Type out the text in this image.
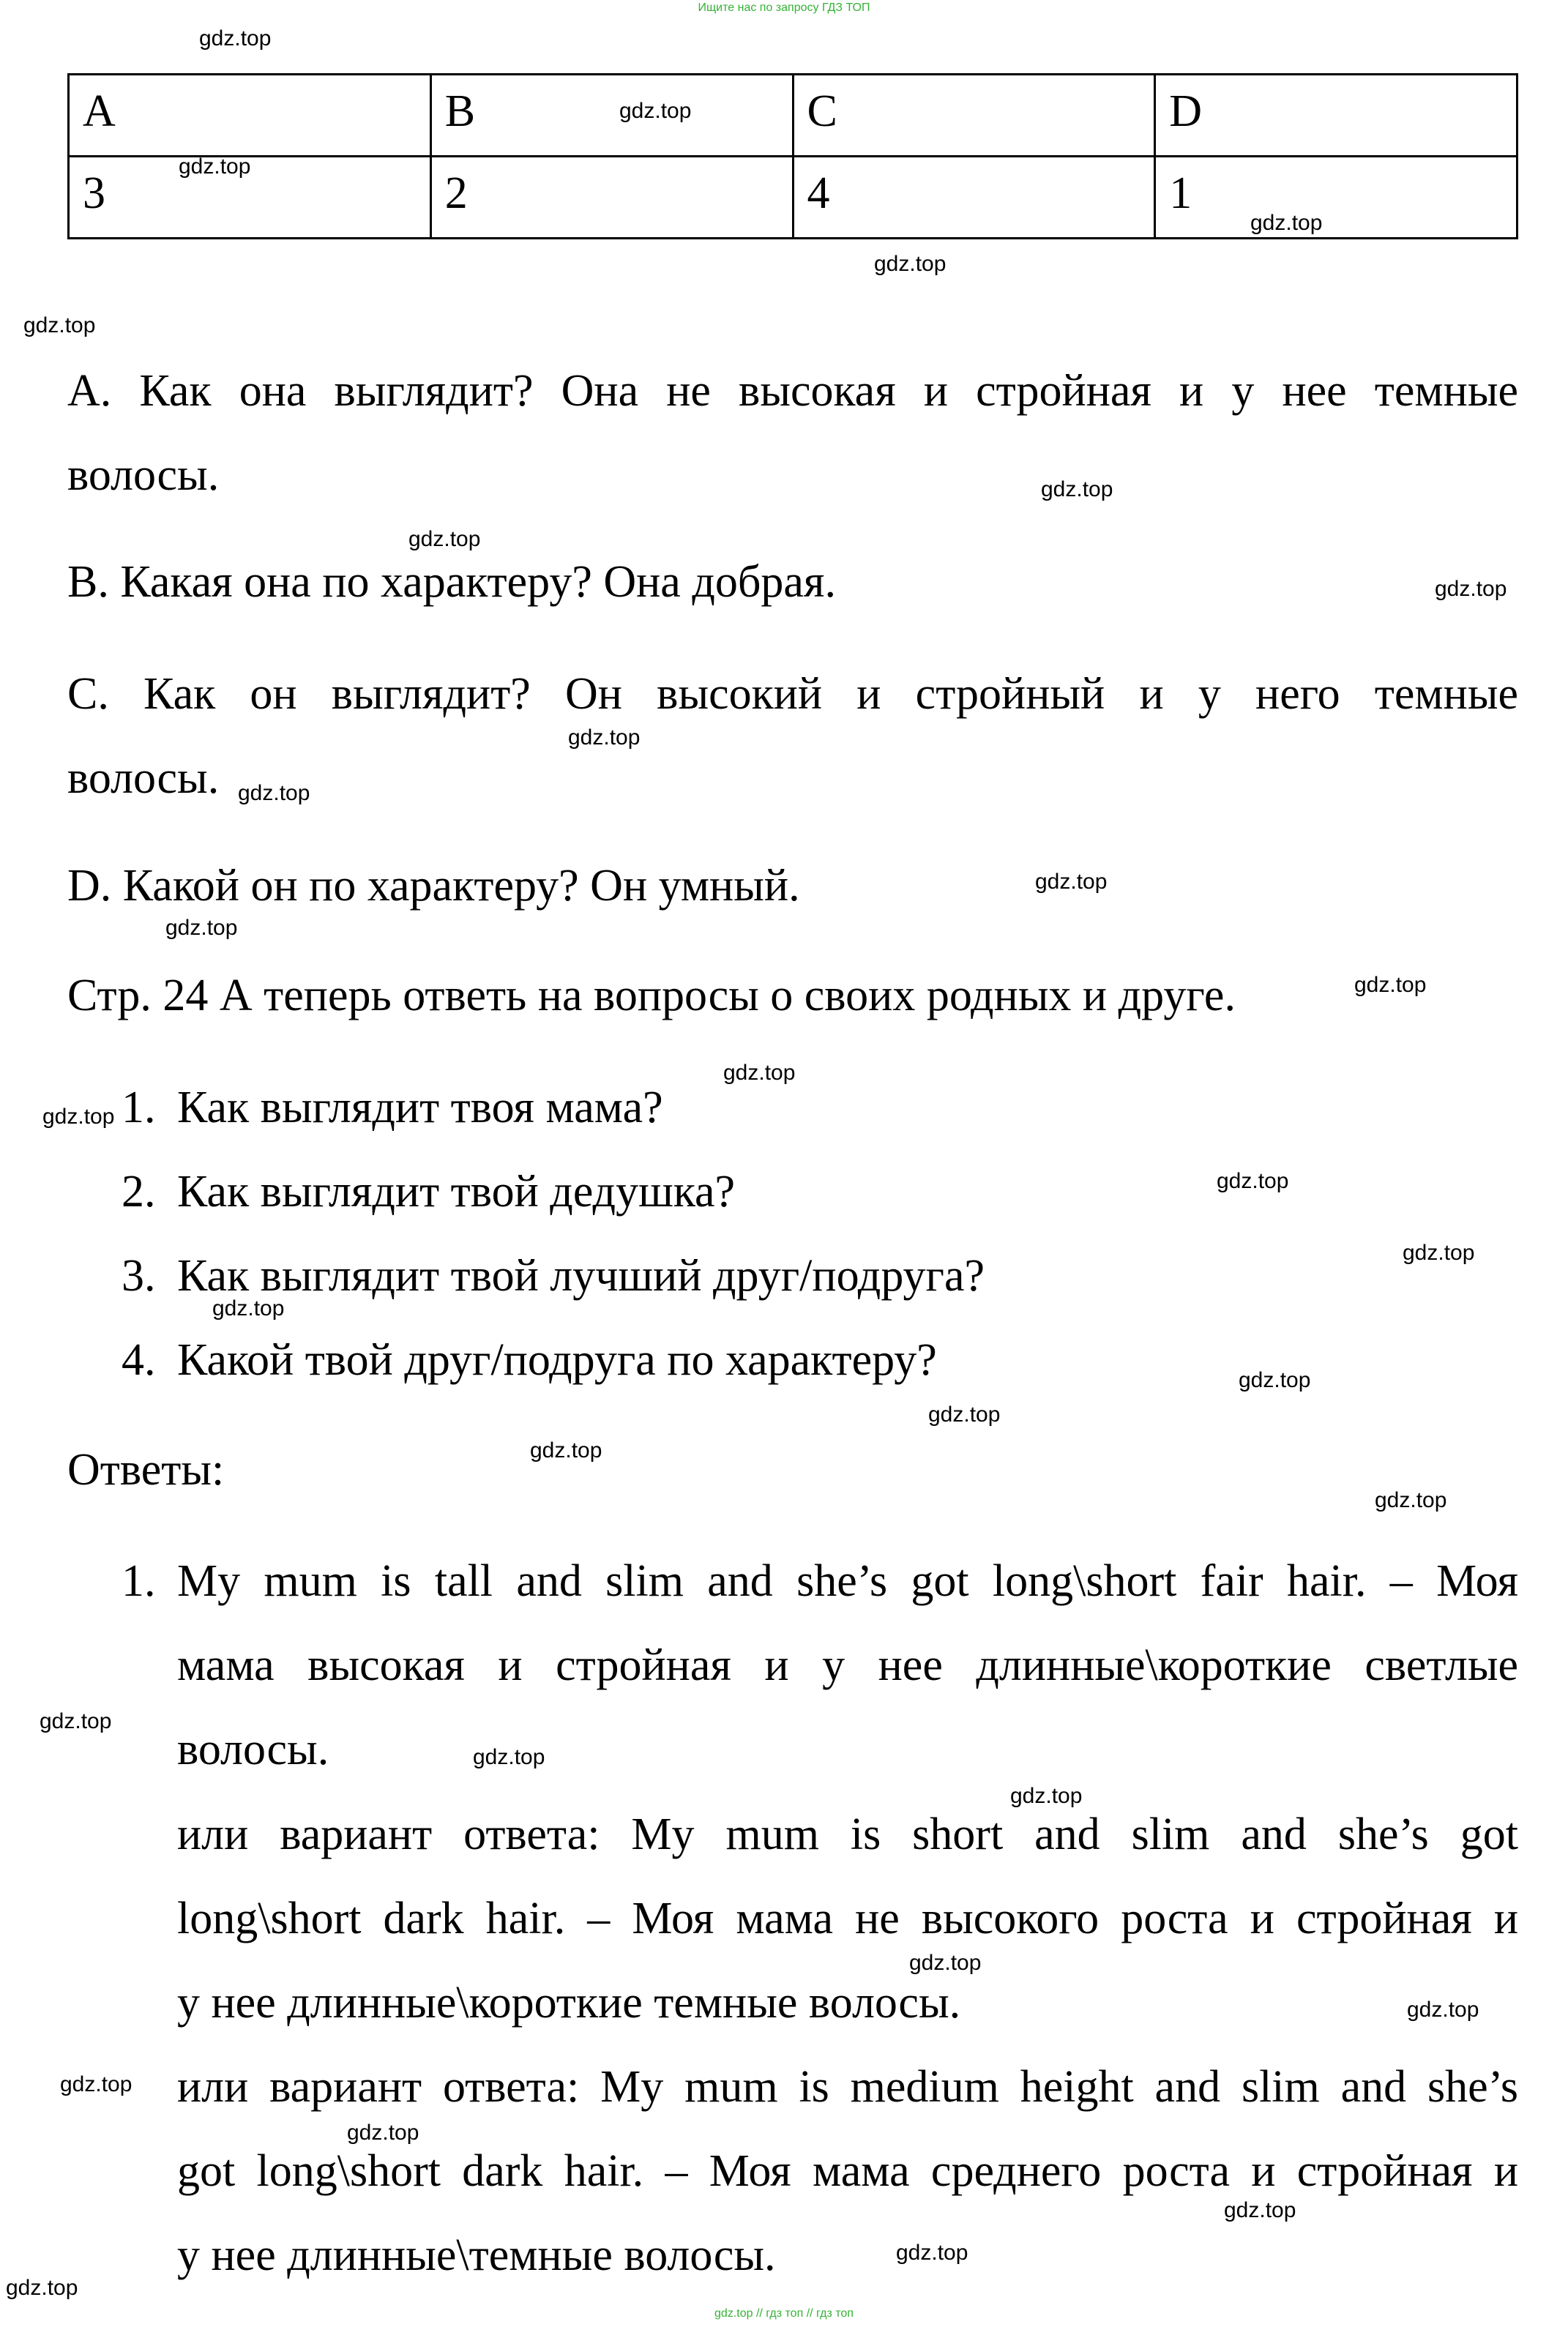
Ищите нас по запросу ГДЗ ТОП
gdz.top
gdz.top
gdz.top
gdz.top
gdz.top
gdz.top
gdz.top
gdz.top
gdz.top
gdz.top
gdz.top
gdz.top
gdz.top
gdz.top
gdz.top
gdz.top
gdz.top
gdz.top
gdz.top
gdz.top
gdz.top
gdz.top
gdz.top
gdz.top
gdz.top
gdz.top
gdz.top
gdz.top
gdz.top
gdz.top
gdz.top
gdz.top
gdz.top
A	B	C	D
3	2	4	1
A. Как она выглядит? Она не высокая и стройная и у нее темные
волосы.
B. Какая она по характеру? Она добрая.
C. Как он выглядит? Он высокий и стройный и у него темные
волосы.
D. Какой он по характеру? Он умный.
Стр. 24 А теперь ответь на вопросы о своих родных и друге.
1. Как выглядит твоя мама?
2. Как выглядит твой дедушка?
3. Как выглядит твой лучший друг/подруга?
4. Какой твой друг/подруга по характеру?
Ответы:
1. My mum is tall and slim and she’s got long\short fair hair. – Моя
мама высокая и стройная и у нее длинные\короткие светлые
волосы.
или вариант ответа: My mum is short and slim and she’s got
long\short dark hair. – Моя мама не высокого роста и стройная и
у нее длинные\короткие темные волосы.
или вариант ответа: My mum is medium height and slim and she’s
got long\short dark hair. – Моя мама среднего роста и стройная и
у нее длинные\темные волосы.
gdz.top // гдз топ // гдз топ
